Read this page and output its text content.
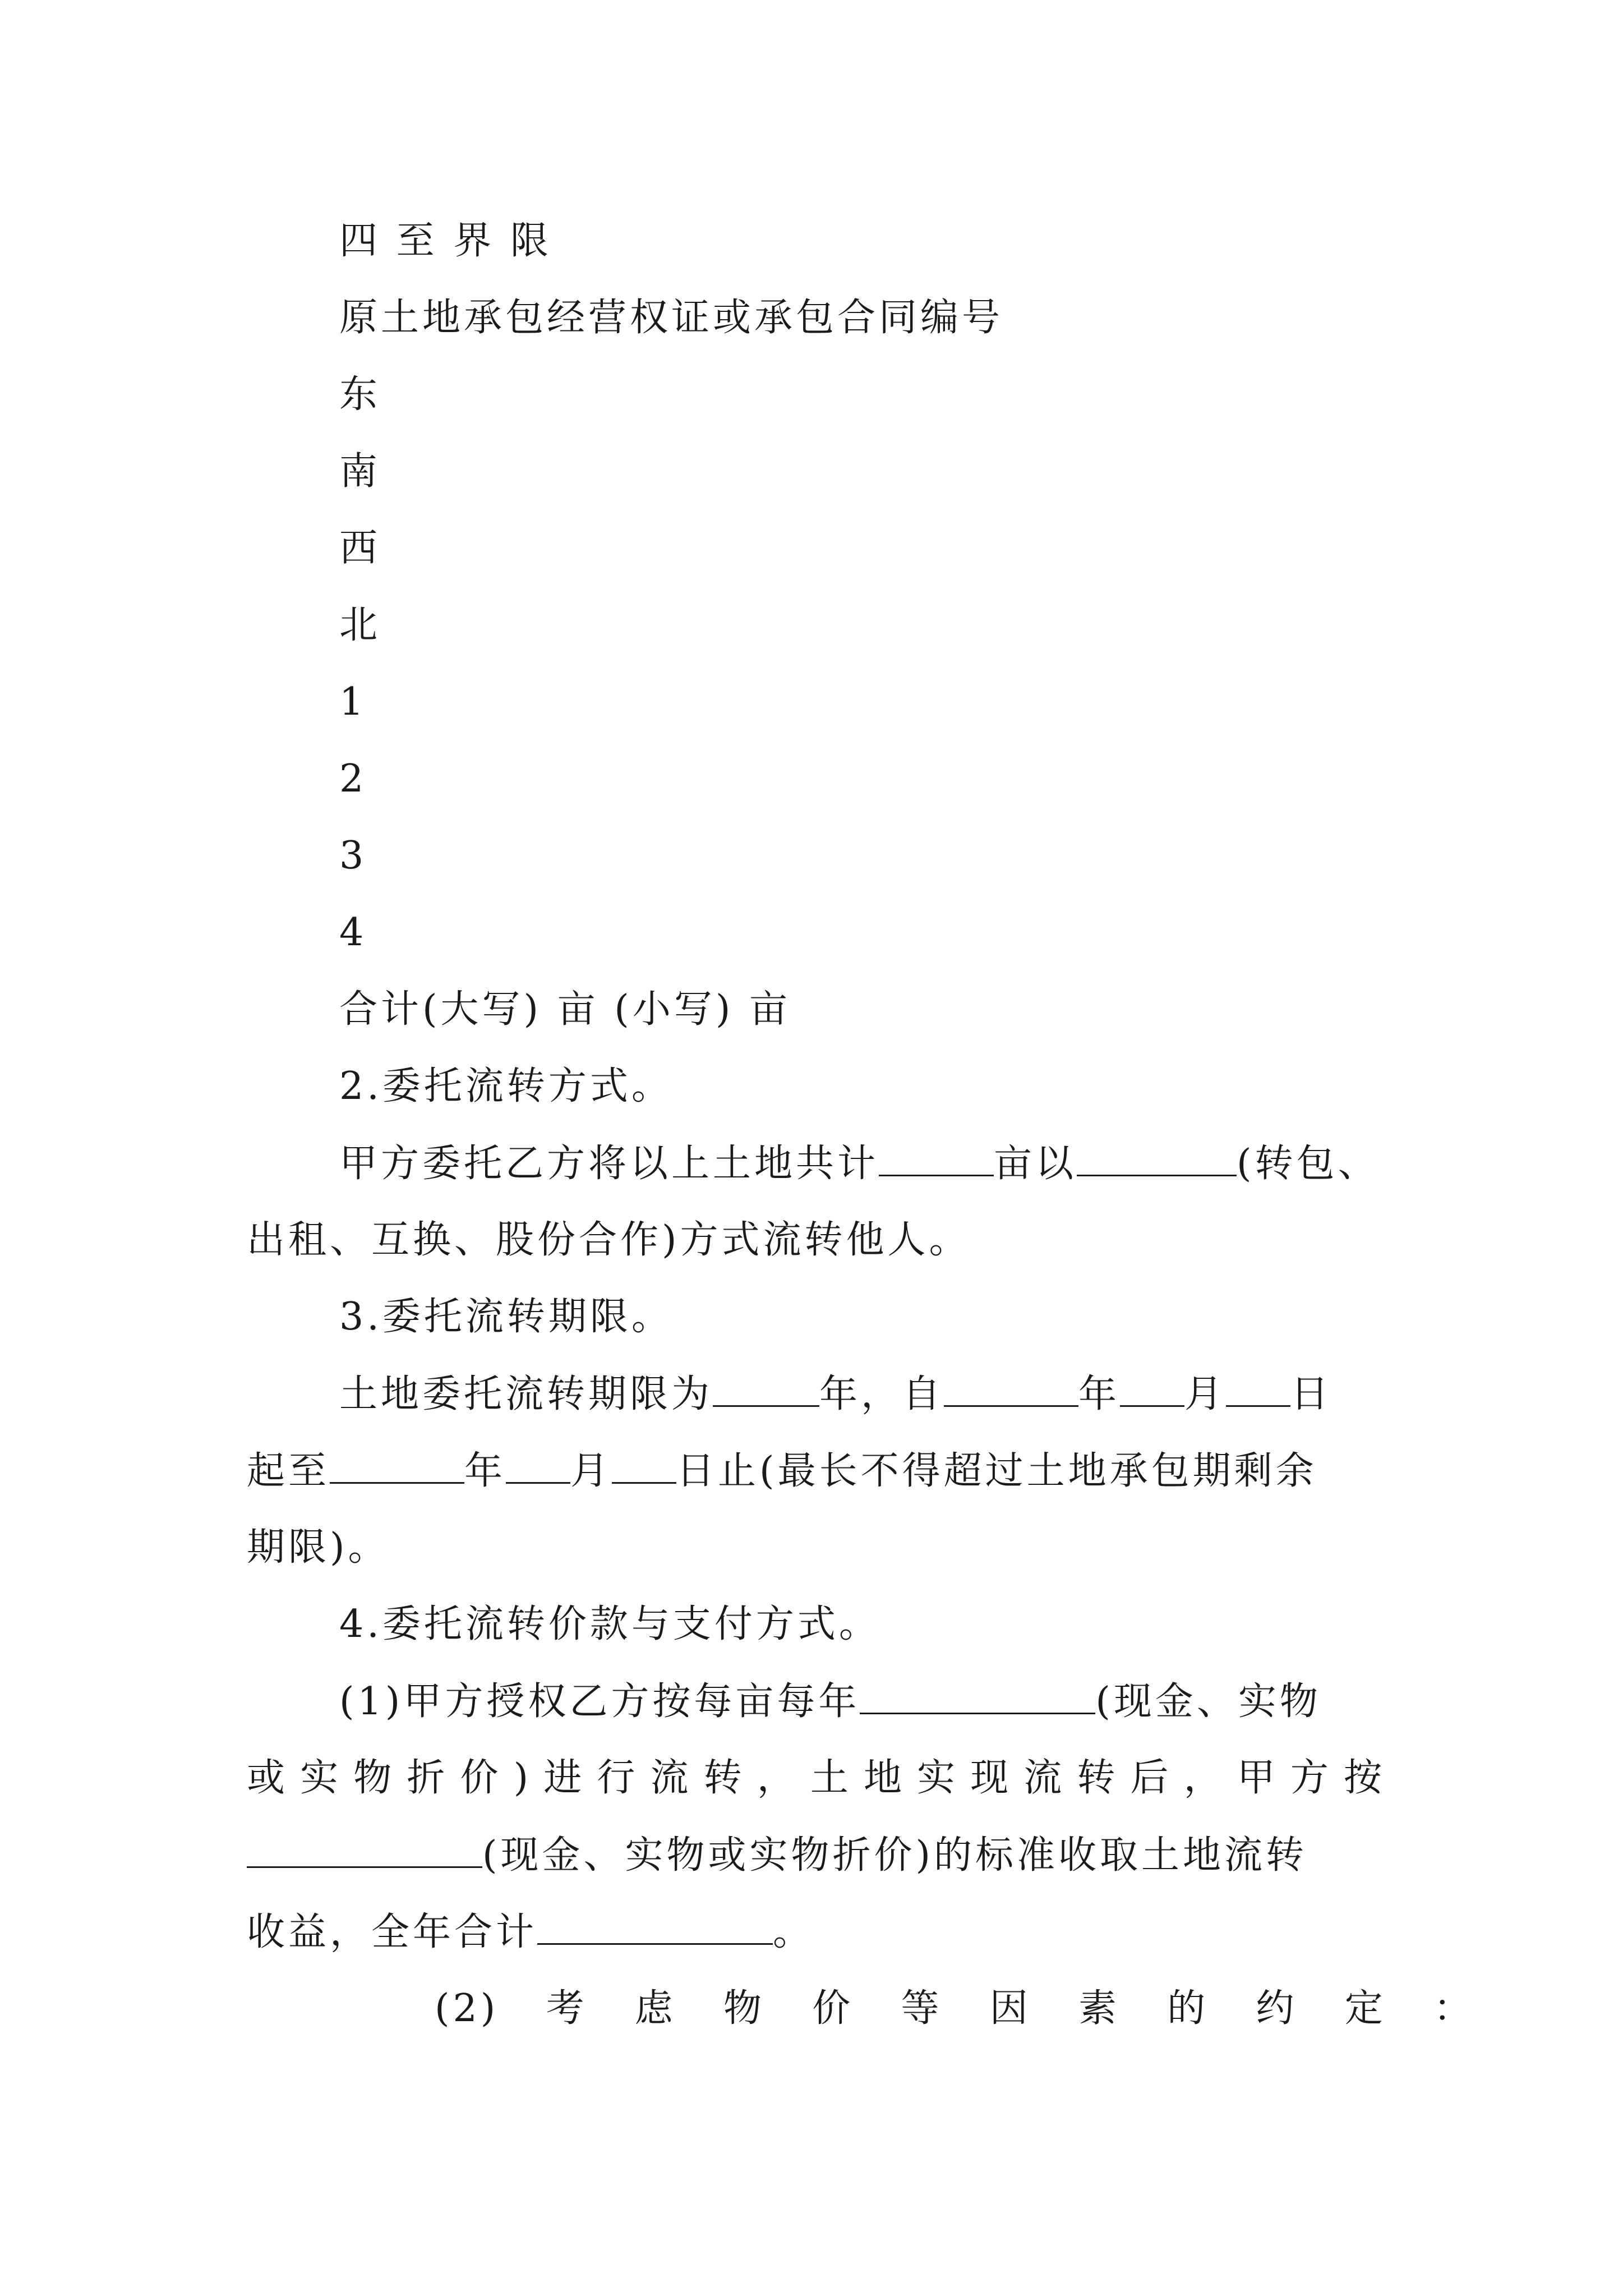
四 至 界 限
原土地承包经营权证或承包合同编号
东
南
西
北
1
2
3
4
合计(大写) 亩 (小写) 亩
2.委托流转方式。
甲方委托乙方将以上土地共计	亩以	(转包、
出租、互换、股份合作)方式流转他人。
3.委托流转期限。
土地委托流转期限为	年，自	年 月 日
起至	年 月 日止(最长不得超过土地承包期剩余
期限)。
4.委托流转价款与支付方式。
(1)甲方授权乙方按每亩每年	(现金、实物
或实物折价)进行流转，土地实现流转后，甲方按
(现金、实物或实物折价)的标准收取土地流转
收益，全年合计	。
(2)考虑物价等因素的约定：
